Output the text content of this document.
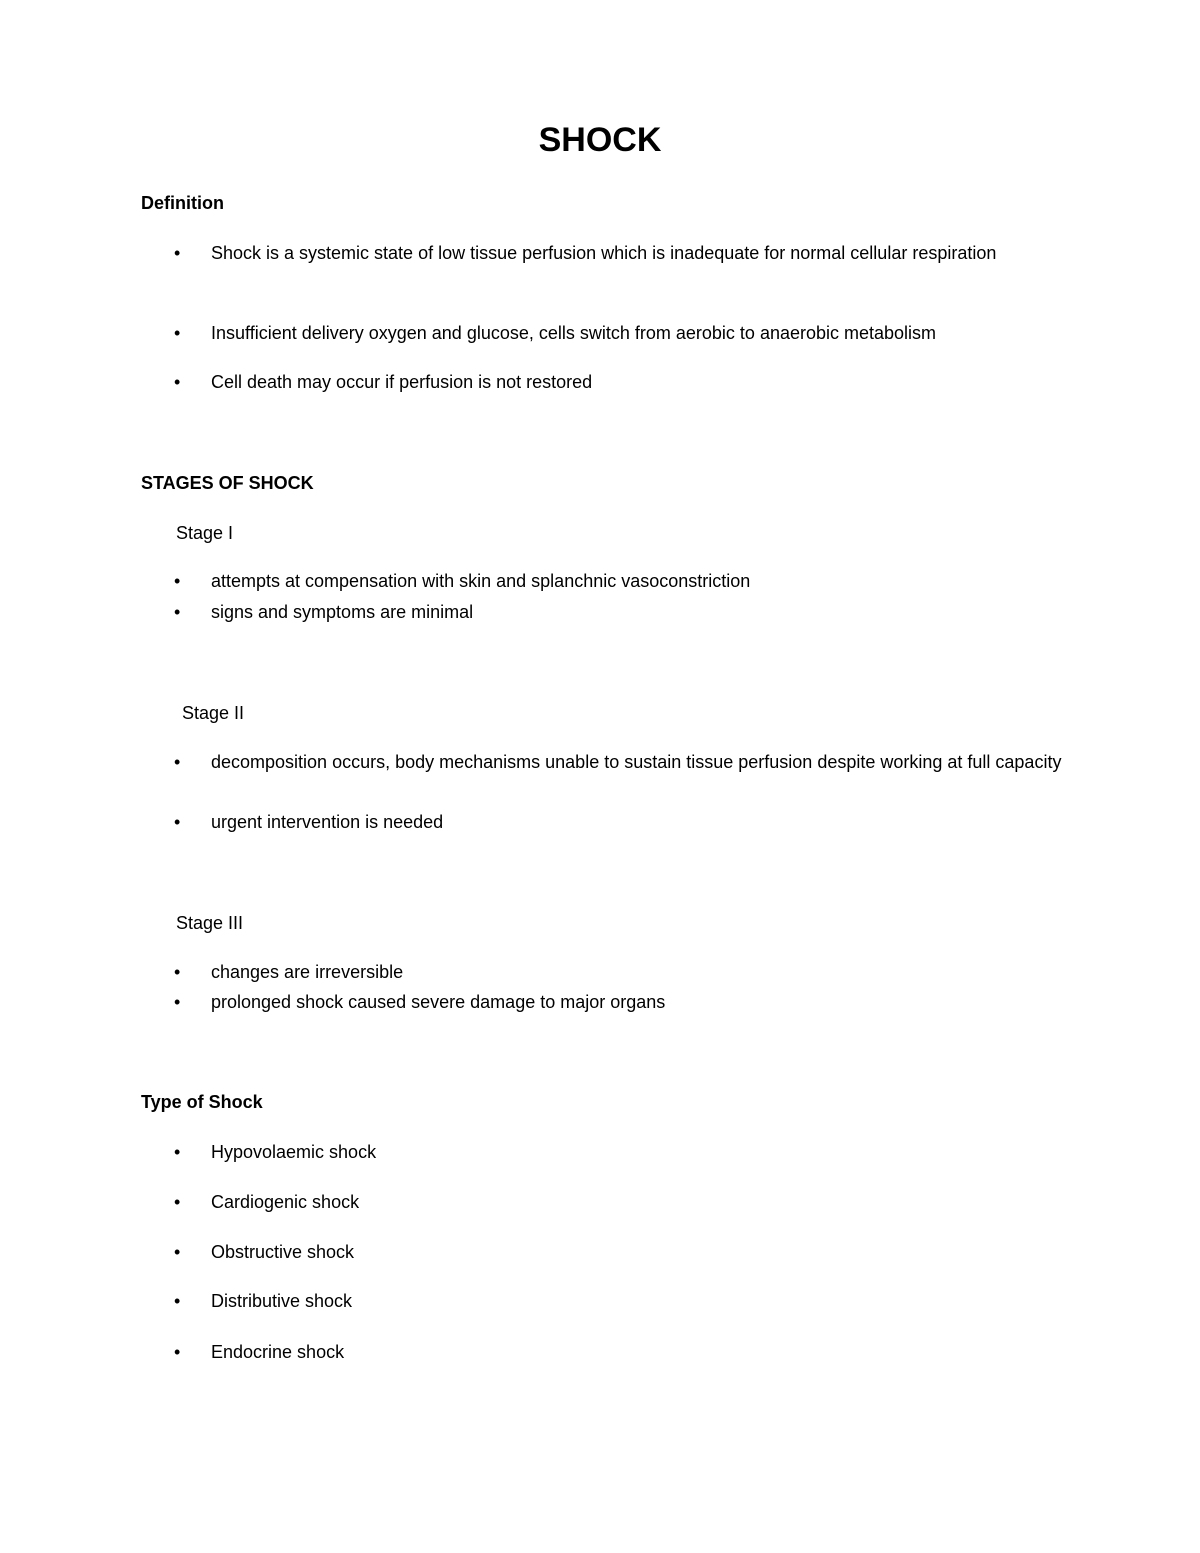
SHOCK
Definition
•	Shock is a systemic state of low tissue perfusion which is inadequate for normal cellular respiration
•	Insufficient delivery oxygen and glucose, cells switch from aerobic to anaerobic metabolism
•	Cell death may occur if perfusion is not restored
STAGES OF SHOCK
Stage I
•	attempts at compensation with skin and splanchnic vasoconstriction
•	signs and symptoms are minimal
Stage II
•	decomposition occurs, body mechanisms unable to sustain tissue perfusion despite working at full capacity
•	urgent intervention is needed
Stage III
•	changes are irreversible
•	prolonged shock caused severe damage to major organs
Type of Shock
•	Hypovolaemic shock
•	Cardiogenic shock
•	Obstructive shock
•	Distributive shock
•	Endocrine shock
